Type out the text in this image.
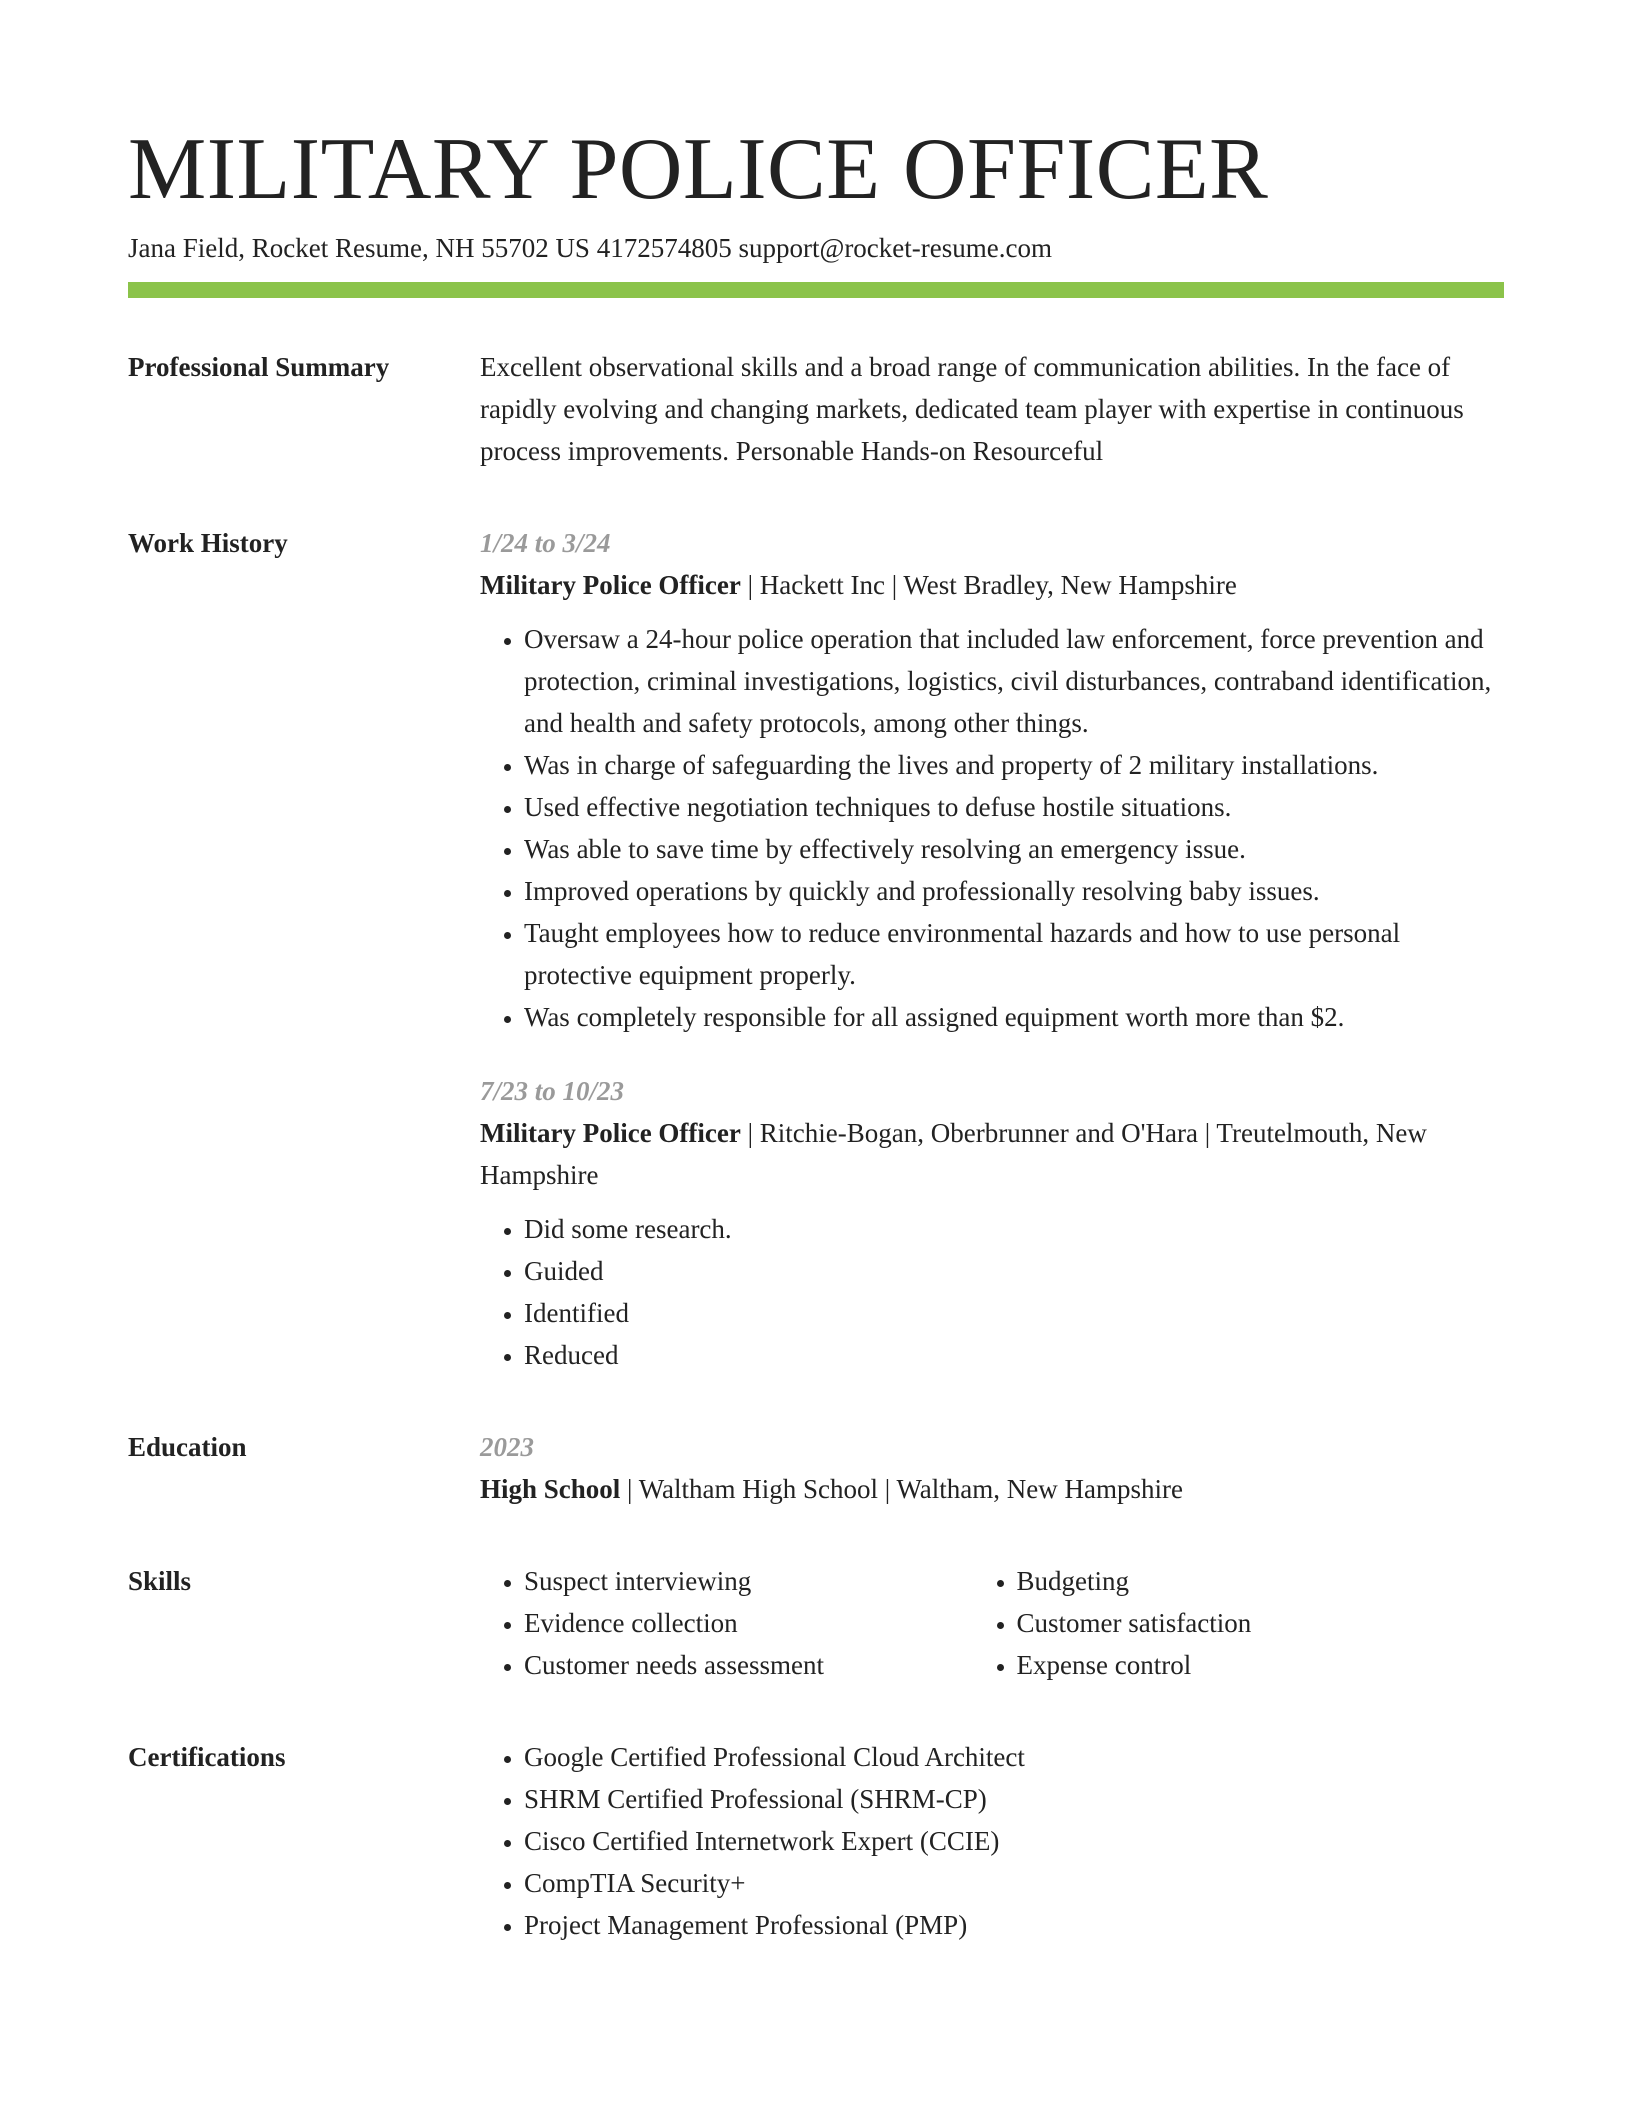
MILITARY POLICE OFFICER
Jana Field, Rocket Resume, NH 55702 US 4172574805 support@rocket-resume.com
Professional Summary	Excellent observational skills and a broad range of communication abilities. In the face of rapidly evolving and changing markets, dedicated team player with expertise in continuous process improvements. Personable Hands-on Resourceful

Work History	1/24 to 3/24
Military Police Officer | Hackett Inc | West Bradley, New Hampshire
• Oversaw a 24-hour police operation that included law enforcement, force prevention and protection, criminal investigations, logistics, civil disturbances, contraband identification, and health and safety protocols, among other things.
• Was in charge of safeguarding the lives and property of 2 military installations.
• Used effective negotiation techniques to defuse hostile situations.
• Was able to save time by effectively resolving an emergency issue.
• Improved operations by quickly and professionally resolving baby issues.
• Taught employees how to reduce environmental hazards and how to use personal protective equipment properly.
• Was completely responsible for all assigned equipment worth more than $2.
7/23 to 10/23
Military Police Officer | Ritchie-Bogan, Oberbrunner and O'Hara | Treutelmouth, New Hampshire
• Did some research.
• Guided
• Identified
• Reduced
Education	2023
High School | Waltham High School | Waltham, New Hampshire
Skills	• Suspect interviewing
• Evidence collection
• Customer needs assessment
• Budgeting
• Customer satisfaction
• Expense control
Certifications	• Google Certified Professional Cloud Architect
• SHRM Certified Professional (SHRM-CP)
• Cisco Certified Internetwork Expert (CCIE)
• CompTIA Security+
• Project Management Professional (PMP)
